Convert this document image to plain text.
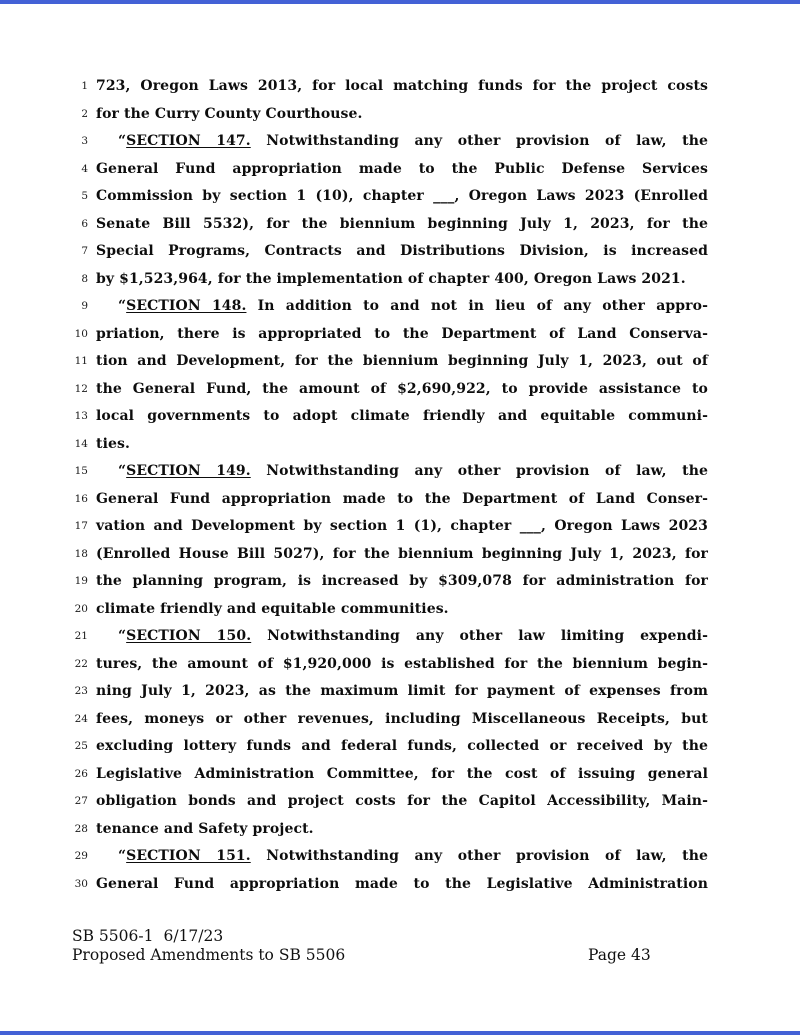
1 723, Oregon Laws 2013, for local matching funds for the project costs
2 for the Curry County Courthouse.
3	“SECTION 147. Notwithstanding any other provision of law, the
4 General Fund appropriation made to the Public Defense Services
5 Commission by section 1 (10), chapter ___, Oregon Laws 2023 (Enrolled
6 Senate Bill 5532), for the biennium beginning July 1, 2023, for the
7 Special Programs, Contracts and Distributions Division, is increased
8 by $1,523,964, for the implementation of chapter 400, Oregon Laws 2021.
9	“SECTION 148. In addition to and not in lieu of any other appro-
10 priation, there is appropriated to the Department of Land Conserva-
11 tion and Development, for the biennium beginning July 1, 2023, out of
12 the General Fund, the amount of $2,690,922, to provide assistance to
13 local governments to adopt climate friendly and equitable communi-
14 ties.
15	“SECTION 149. Notwithstanding any other provision of law, the
16 General Fund appropriation made to the Department of Land Conser-
17 vation and Development by section 1 (1), chapter ___, Oregon Laws 2023
18 (Enrolled House Bill 5027), for the biennium beginning July 1, 2023, for
19 the planning program, is increased by $309,078 for administration for
20 climate friendly and equitable communities.
21	“SECTION 150. Notwithstanding any other law limiting expendi-
22 tures, the amount of $1,920,000 is established for the biennium begin-
23 ning July 1, 2023, as the maximum limit for payment of expenses from
24 fees, moneys or other revenues, including Miscellaneous Receipts, but
25 excluding lottery funds and federal funds, collected or received by the
26 Legislative Administration Committee, for the cost of issuing general
27 obligation bonds and project costs for the Capitol Accessibility, Main-
28 tenance and Safety project.
29	“SECTION 151. Notwithstanding any other provision of law, the
30 General Fund appropriation made to the Legislative Administration
SB 5506-1 6/17/23
Proposed Amendments to SB 5506	Page 43
